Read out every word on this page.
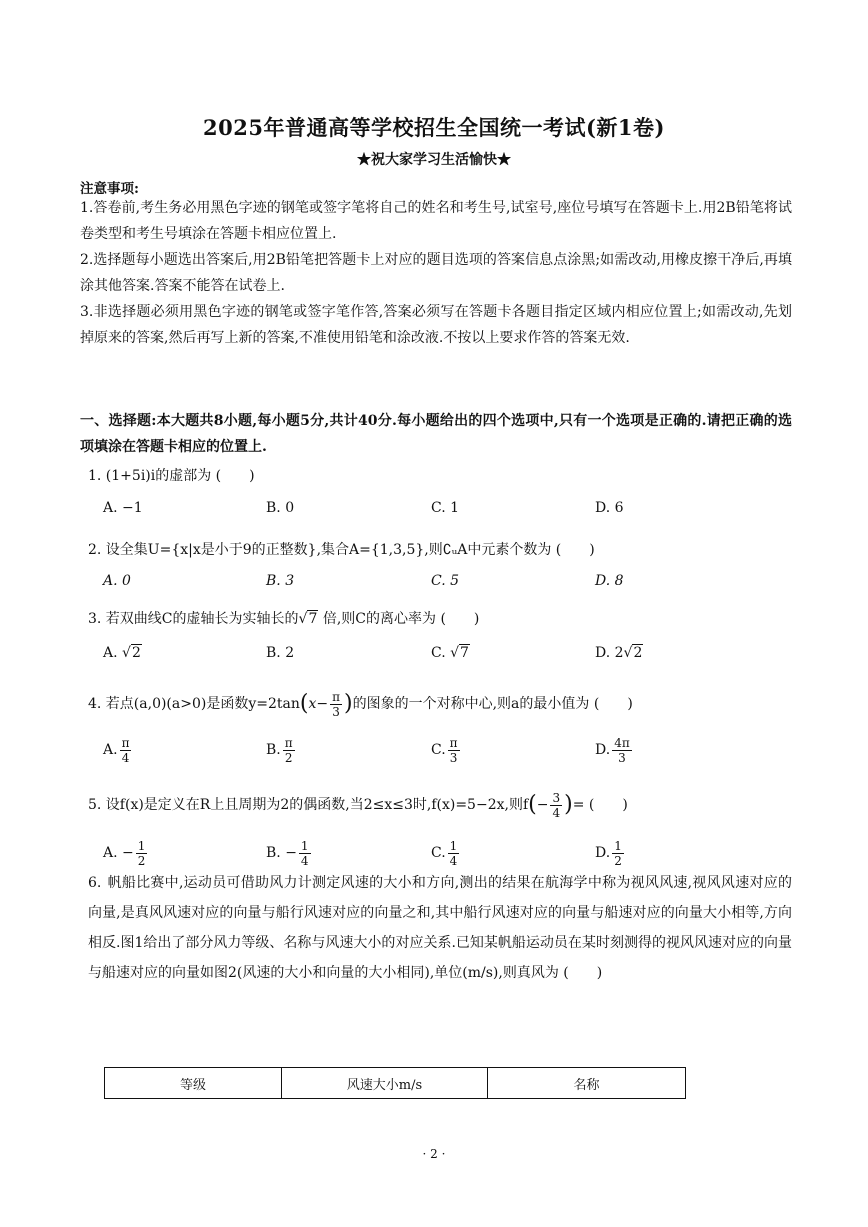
2025年普通高等学校招生全国统一考试(新1卷)
★祝大家学习生活愉快★
注意事项:

1.答卷前,考生务必用黑色字迹的钢笔或签字笔将自己的姓名和考生号,试室号,座位号填写在答题卡上.用2B铅笔将试卷类型和考生号填涂在答题卡相应位置上.

2.选择题每小题选出答案后,用2B铅笔把答题卡上对应的题目选项的答案信息点涂黑;如需改动,用橡皮擦干净后,再填涂其他答案.答案不能答在试卷上.

3.非选择题必须用黑色字迹的钢笔或签字笔作答,答案必须写在答题卡各题目指定区域内相应位置上;如需改动,先划掉原来的答案,然后再写上新的答案,不准使用铅笔和涂改液.不按以上要求作答的答案无效.

一、选择题:本大题共8小题,每小题5分,共计40分.每小题给出的四个选项中,只有一个选项是正确的.请把正确的选项填涂在答题卡相应的位置上.
1. (1+5i)i的虚部为 (　　)
A. −1	B. 0	C. 1	D. 6
2. 设全集U={x|x是小于9的正整数},集合A={1,3,5},则∁ᵤA中元素个数为 (　　)
A. 0	B. 3	C. 5	D. 8
3. 若双曲线C的虚轴长为实轴长的√7 倍,则C的离心率为 (　　)
A.
√2	B. 2	C.
√7	D. 2 √2
4. 若点(a,0)(a>0)是函数$y=2\tan(x- \frac{\pi}{3}$ )的图象的一个对称中心,则a的最小值为 (　　)
A. $\frac{\pi}{4}$	B. $\frac{\pi}{2}$	C. $\frac{\pi}{3}$	D. $\frac{4\pi}{3}$
5. 设f(x)是定义在R上且周期为2的偶函数,当2≤x≤3时,f(x)=5−2x,则$f(- \frac{3}{4}$ )= (　　)
A. − $\frac{1}{2}$	B. − $\frac{1}{4}$	C. $\frac{1}{4}$	D. $\frac{1}{2}$
6. 帆船比赛中,运动员可借助风力计测定风速的大小和方向,测出的结果在航海学中称为视风风速,视风风速对应的向量,是真风风速对应的向量与船行风速对应的向量之和,其中船行风速对应的向量与船速对应的向量大小相等,方向相反.图1给出了部分风力等级、名称与风速大小的对应关系.已知某帆船运动员在某时刻测得的视风风速对应的向量与船速对应的向量如图2(风速的大小和向量的大小相同),单位(m/s),则真风为 (　　)
等级	风速大小m/s	名称
· 2 ·
